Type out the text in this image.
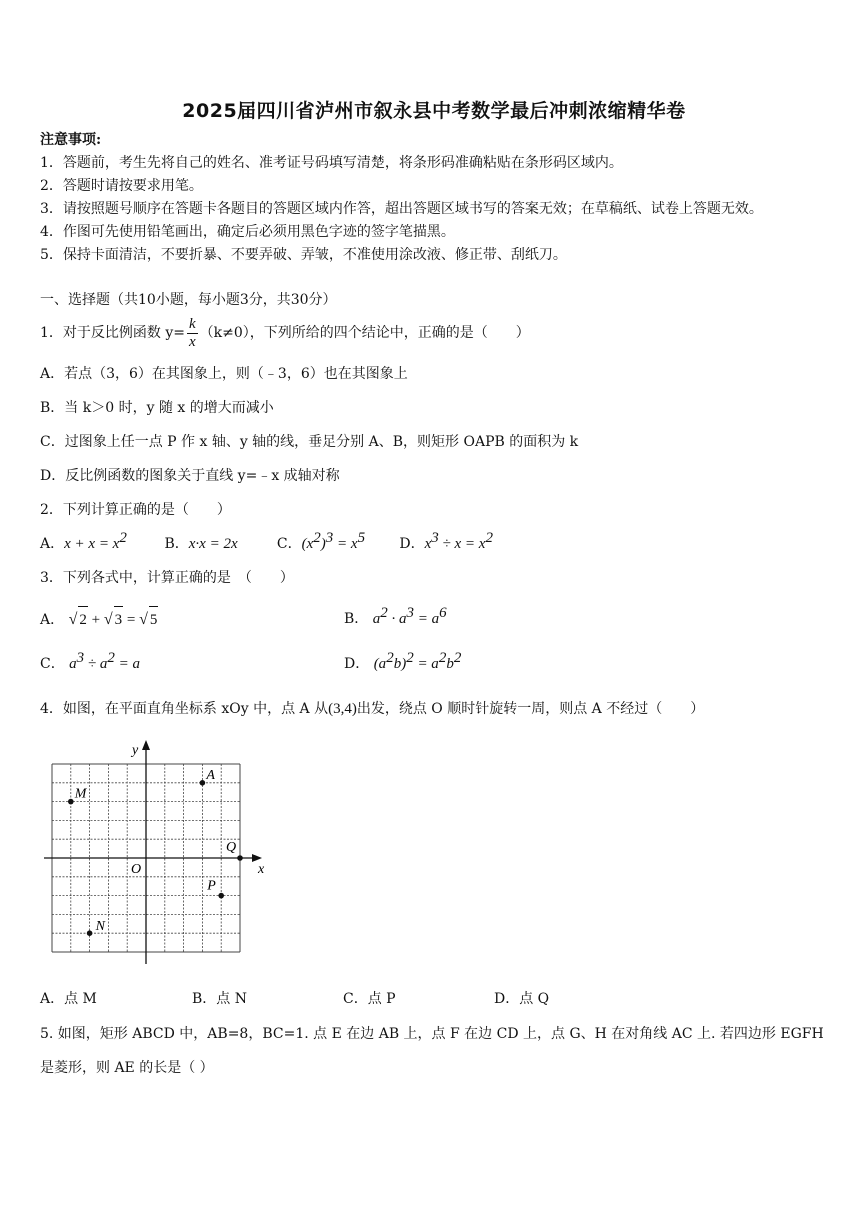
2025届四川省泸州市叙永县中考数学最后冲刺浓缩精华卷
注意事项:
1．答题前，考生先将自己的姓名、准考证号码填写清楚，将条形码准确粘贴在条形码区域内。
2．答题时请按要求用笔。
3．请按照题号顺序在答题卡各题目的答题区域内作答，超出答题区域书写的答案无效；在草稿纸、试卷上答题无效。
4．作图可先使用铅笔画出，确定后必须用黑色字迹的签字笔描黑。
5．保持卡面清洁，不要折暴、不要弄破、弄皱，不准使用涂改液、修正带、刮纸刀。
一、选择题（共10小题，每小题3分，共30分）
1．对于反比例函数 $y= \frac{k}{x} (k\ne 0)$，下列所给的四个结论中，正确的是（　　）
A．若点（3，6）在其图象上，则（﹣3，6）也在其图象上
B．当 k＞0 时，y 随 x 的增大而减小
C．过图象上任一点 P 作 x 轴、y 轴的线，垂足分别 A、B，则矩形 OAPB 的面积为 k
D．反比例函数的图象关于直线 y=﹣x 成轴对称
2．下列计算正确的是（　　）
A．$x + x = x^2$	B．x·x = 2x	C．$(x^2)^3 = x^5$ D．$x^3 \div x = x^2$
3．下列各式中，计算正确的是　（　　）
A． √ 2 + √ 3 = √ 5	B． $a^2 \cdot a^3 = a^6$
C． $a^3 \div a^2 = a$	D． $(a^2b)^2 = a^2b^2$
4．如图，在平面直角坐标系 xOy 中，点 A 从(3,4)出发，绕点 O 顺时针旋转一周，则点 A 不经过（　　）
A
M
Q
P
N
x
y
O
A．点 M	B．点 N	C．点 P	D．点 Q
5. 如图，矩形 ABCD 中，AB=8，BC=1. 点 E 在边 AB 上，点 F 在边 CD 上，点 G、H 在对角线 AC 上. 若四边形 EGFH
是菱形，则 AE 的长是（ ）
